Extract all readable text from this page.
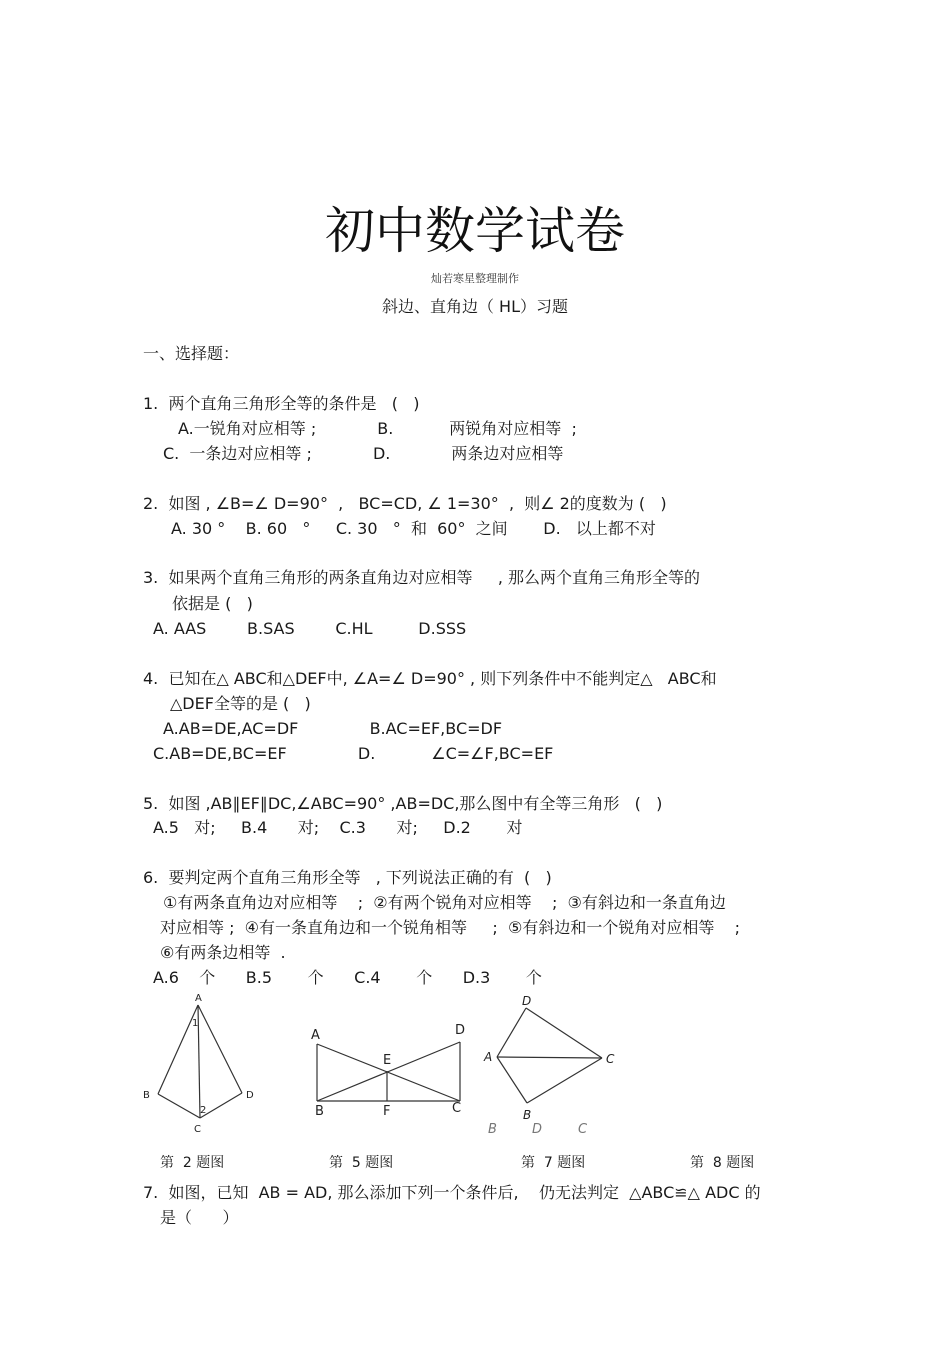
初中数学试卷
灿若寒星整理制作
斜边、直角边（ HL）习题
一、选择题：
1.  两个直角三角形全等的条件是   (   )
A.一锐角对应相等 ;            B.           两锐角对应相等  ;
C.  一条边对应相等 ;            D.            两条边对应相等
2.  如图 , ∠B=∠ D=90°  ,   BC=CD, ∠ 1=30°  ,  则∠ 2的度数为 (   )
A. 30 °    B. 60   °     C. 30   °  和  60°  之间       D.   以上都不对
3.  如果两个直角三角形的两条直角边对应相等     , 那么两个直角三角形全等的
依据是 (   )
A. AAS        B.SAS        C.HL         D.SSS
4.  已知在△ ABC和△DEF中, ∠A=∠ D=90° , 则下列条件中不能判定△   ABC和
△DEF全等的是 (   )
A.AB=DE,AC=DF              B.AC=EF,BC=DF
C.AB=DE,BC=EF              D.           ∠C=∠F,BC=EF
5.  如图 ,AB∥EF∥DC,∠ABC=90° ,AB=DC,那么图中有全等三角形   (   )
A.5   对;     B.4      对;    C.3      对;     D.2       对
6.  要判定两个直角三角形全等   , 下列说法正确的有  (   )
①有两条直角边对应相等    ;  ②有两个锐角对应相等    ;  ③有斜边和一条直角边
对应相等 ;  ④有一条直角边和一个锐角相等     ;  ⑤有斜边和一个锐角对应相等    ;
⑥有两条边相等  .
A.6    个      B.5       个      C.4       个      D.3       个
A
1
B	D
2
C
A	D
E
B	F	C
D
A	C
B
B	D	C
第  2 题图	第  5 题图	第  7 题图	第  8 题图
7.  如图，已知  AB = AD, 那么添加下列一个条件后,    仍无法判定  △ABC≌△ ADC 的
是（      ）
